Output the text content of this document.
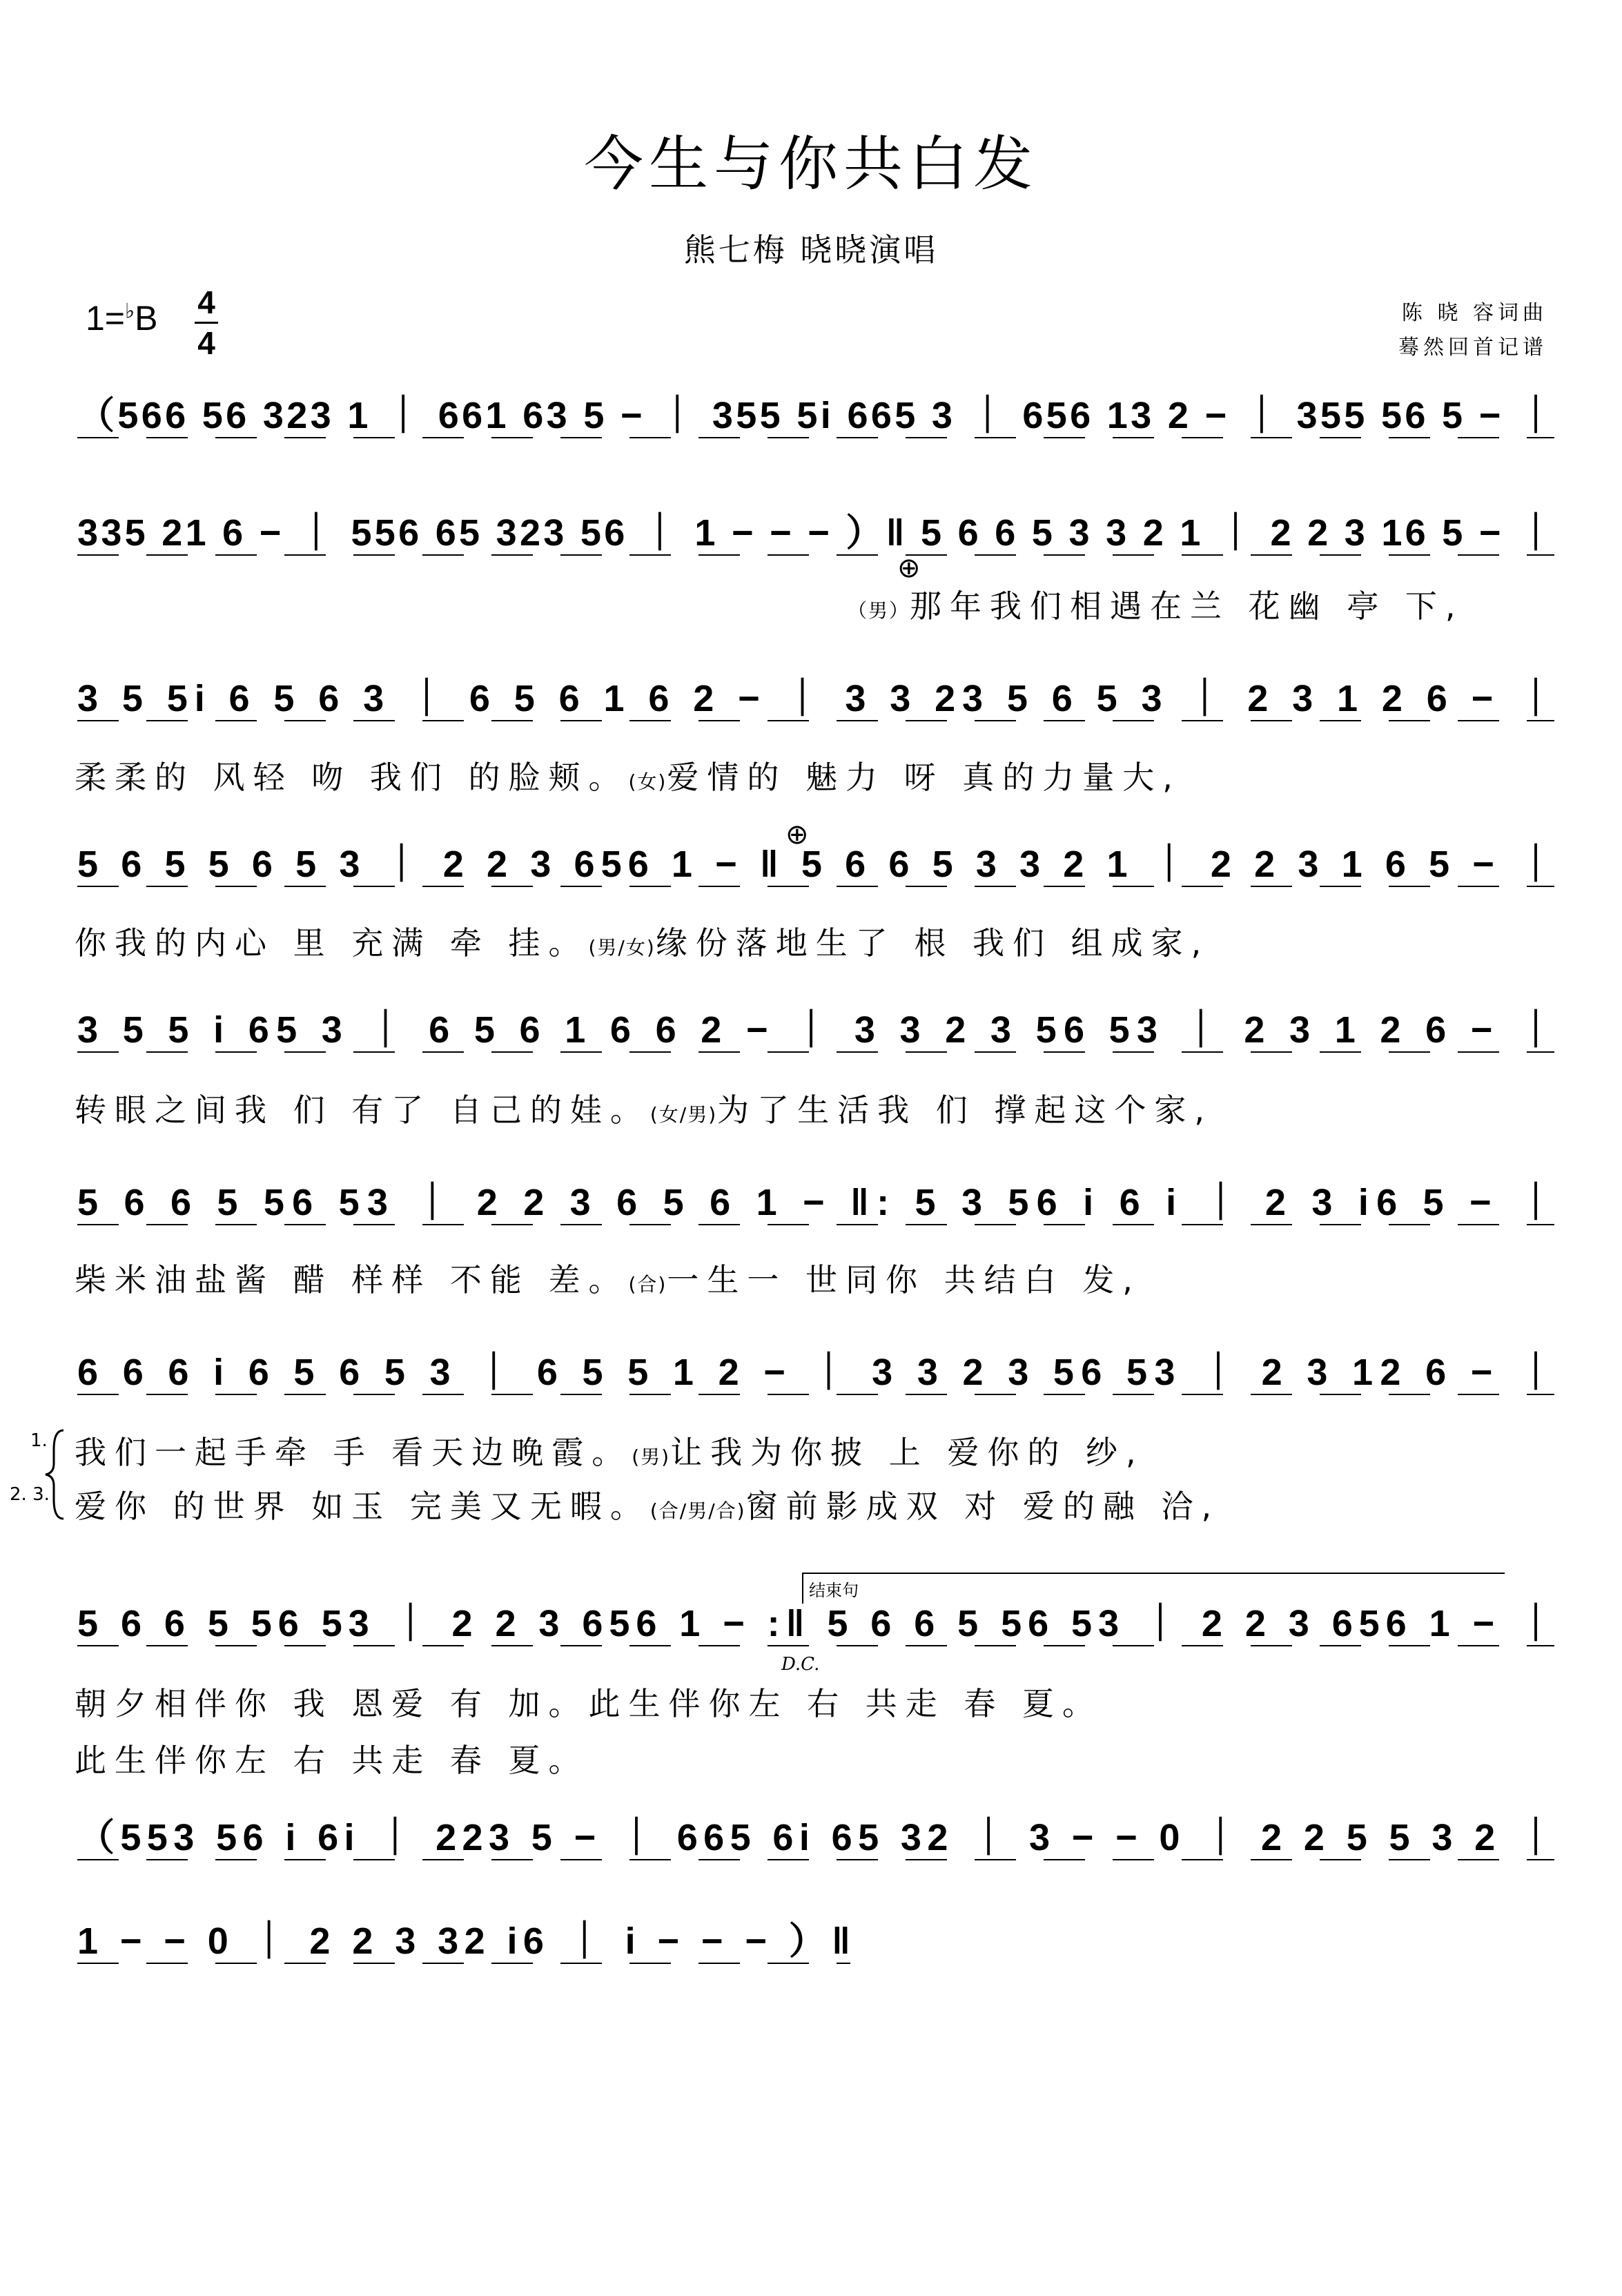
今生与你共白发
熊七梅 晓晓演唱
1=♭B 4
4
陈 晓 容词曲
蓦然回首记谱
（566 56 323 1 ｜ 661 63 5 − ｜ 355 5i 665 3 ｜ 656 13 2 − ｜ 355 56 5 − ｜
335 21 6 − ｜ 556 65 323 56 ｜ 1 − − − ）‖ 5 6 6 5 3 3 2 1 ｜ 2 2 3 16 5 − ｜
3 5 5i 6 5 6 3 ｜ 6 5 6 1 6 2 − ｜ 3 3 23 5 6 5 3 ｜ 2 3 1 2 6 − ｜
5 6 5 5 6 5 3 ｜ 2 2 3 656 1 − ‖ 5 6 6 5 3 3 2 1 ｜ 2 2 3 1 6 5 − ｜
3 5 5 i 65 3 ｜ 6 5 6 1 6 6 2 − ｜ 3 3 2 3 56 53 ｜ 2 3 1 2 6 − ｜
5 6 6 5 56 53 ｜ 2 2 3 6 5 6 1 − ‖: 5 3 56 i 6 i ｜ 2 3 i6 5 − ｜
6 6 6 i 6 5 6 5 3 ｜ 6 5 5 1 2 − ｜ 3 3 2 3 56 53 ｜ 2 3 12 6 − ｜
5 6 6 5 56 53 ｜ 2 2 3 656 1 − :‖ 5 6 6 5 56 53 ｜ 2 2 3 656 1 − ｜
（553 56 i 6i ｜ 223 5 − ｜ 665 6i 65 32 ｜ 3 − − 0 ｜ 2 2 5 5 3 2 ｜
1 − − 0 ｜ 2 2 3 32 i6 ｜ i − − − ）‖
（男）那年我们相遇在兰 花幽 亭 下,
柔柔的 风轻 吻 我们 的脸颊。(女)爱情的 魅力 呀 真的力量大,
你我的内心 里 充满 牵 挂。(男/女)缘份落地生了 根 我们 组成家,
转眼之间我 们 有了 自己的娃。(女/男)为了生活我 们 撑起这个家,
柴米油盐酱 醋 样样 不能 差。(合)一生一 世同你 共结白 发,
1.
2. 3.
我们一起手牵 手 看天边晚霞。(男)让我为你披 上 爱你的 纱,
爱你 的世界 如玉 完美又无暇。(合/男/合)窗前影成双 对 爱的融 洽,
结束句
D.C.
朝夕相伴你 我 恩爱 有 加。此生伴你左 右 共走 春 夏。
此生伴你左 右 共走 春 夏。
⊕
⊕
